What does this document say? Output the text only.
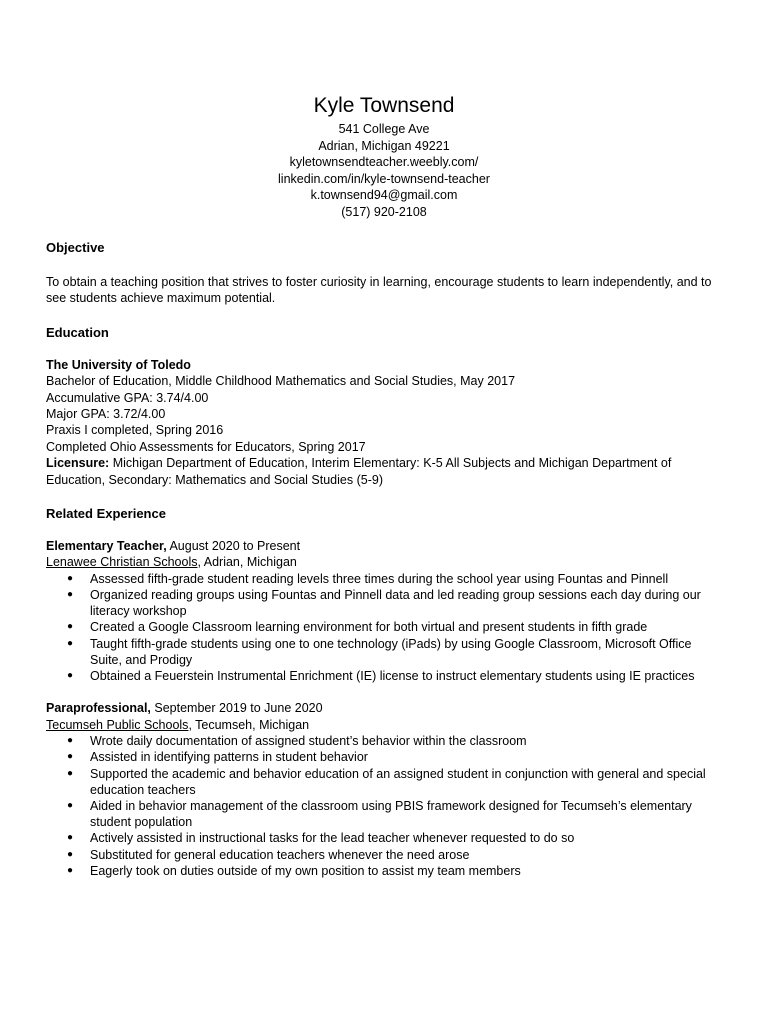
Kyle Townsend

541 College Ave

Adrian, Michigan 49221

kyletownsendteacher.weebly.com/

linkedin.com/in/kyle-townsend-teacher

k.townsend94@gmail.com

(517) 920-2108

Objective

To obtain a teaching position that strives to foster curiosity in learning, encourage students to learn independently, and to see students achieve maximum potential.

Education

The University of Toledo

Bachelor of Education, Middle Childhood Mathematics and Social Studies, May 2017

Accumulative GPA: 3.74/4.00

Major GPA: 3.72/4.00

Praxis I completed, Spring 2016

Completed Ohio Assessments for Educators, Spring 2017

Licensure: Michigan Department of Education, Interim Elementary: K-5 All Subjects and Michigan Department of Education, Secondary: Mathematics and Social Studies (5-9)

Related Experience

Elementary Teacher, August 2020 to Present

Lenawee Christian Schools, Adrian, Michigan

● Assessed fifth-grade student reading levels three times during the school year using Fountas and Pinnell
● Organized reading groups using Fountas and Pinnell data and led reading group sessions each day during our literacy workshop
● Created a Google Classroom learning environment for both virtual and present students in fifth grade
● Taught fifth-grade students using one to one technology (iPads) by using Google Classroom, Microsoft Office Suite, and Prodigy
● Obtained a Feuerstein Instrumental Enrichment (IE) license to instruct elementary students using IE practices

Paraprofessional, September 2019 to June 2020

Tecumseh Public Schools, Tecumseh, Michigan

● Wrote daily documentation of assigned student’s behavior within the classroom
● Assisted in identifying patterns in student behavior
● Supported the academic and behavior education of an assigned student in conjunction with general and special education teachers
● Aided in behavior management of the classroom using PBIS framework designed for Tecumseh’s elementary student population
● Actively assisted in instructional tasks for the lead teacher whenever requested to do so
● Substituted for general education teachers whenever the need arose
● Eagerly took on duties outside of my own position to assist my team members
